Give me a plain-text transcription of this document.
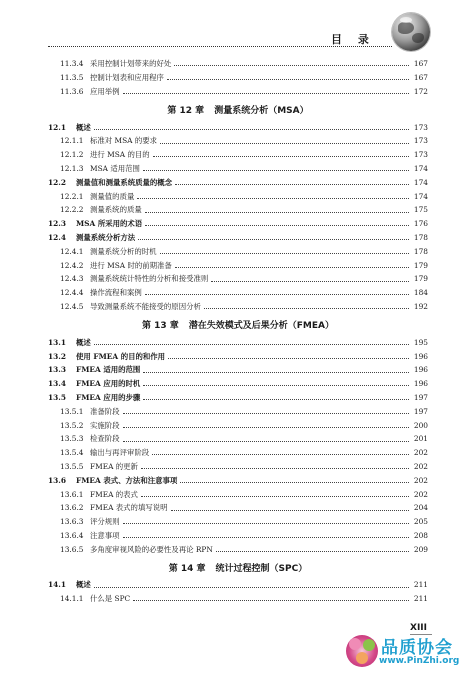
目 录
11.3.4 采用控制计划带来的好处	167
11.3.5 控制计划表和应用程序	167
11.3.6 应用举例	172
第 12 章 测量系统分析（MSA）
12.1	概述	173
12.1.1 标准对 MSA 的要求	173
12.1.2 进行 MSA 的目的	173
12.1.3 MSA 适用范围	174
12.2	测量值和测量系统质量的概念	174
12.2.1 测量值的质量	174
12.2.2 测量系统的质量	175
12.3	MSA 所采用的术语	176
12.4	测量系统分析方法	178
12.4.1 测量系统分析的时机	178
12.4.2 进行 MSA 时的前期准备	179
12.4.3 测量系统统计特性的分析和接受准则	179
12.4.4 操作流程和案例	184
12.4.5 导致测量系统不能接受的原因分析	192
第 13 章 潜在失效模式及后果分析（FMEA）
13.1	概述	195
13.2	使用 FMEA 的目的和作用	196
13.3	FMEA 适用的范围	196
13.4	FMEA 应用的时机	196
13.5	FMEA 应用的步骤	197
13.5.1 准备阶段	197
13.5.2 实施阶段	200
13.5.3 检查阶段	201
13.5.4 输出与再评审阶段	202
13.5.5 FMEA 的更新	202
13.6	FMEA 表式、方法和注意事项	202
13.6.1 FMEA 的表式	202
13.6.2 FMEA 表式的填写说明	204
13.6.3 评分规则	205
13.6.4 注意事项	208
13.6.5 多角度审视风险的必要性及再论 RPN	209
第 14 章 统计过程控制（SPC）
14.1	概述	211
14.1.1 什么是 SPC	211
XIII
品质协会
www.PinZhi.org
